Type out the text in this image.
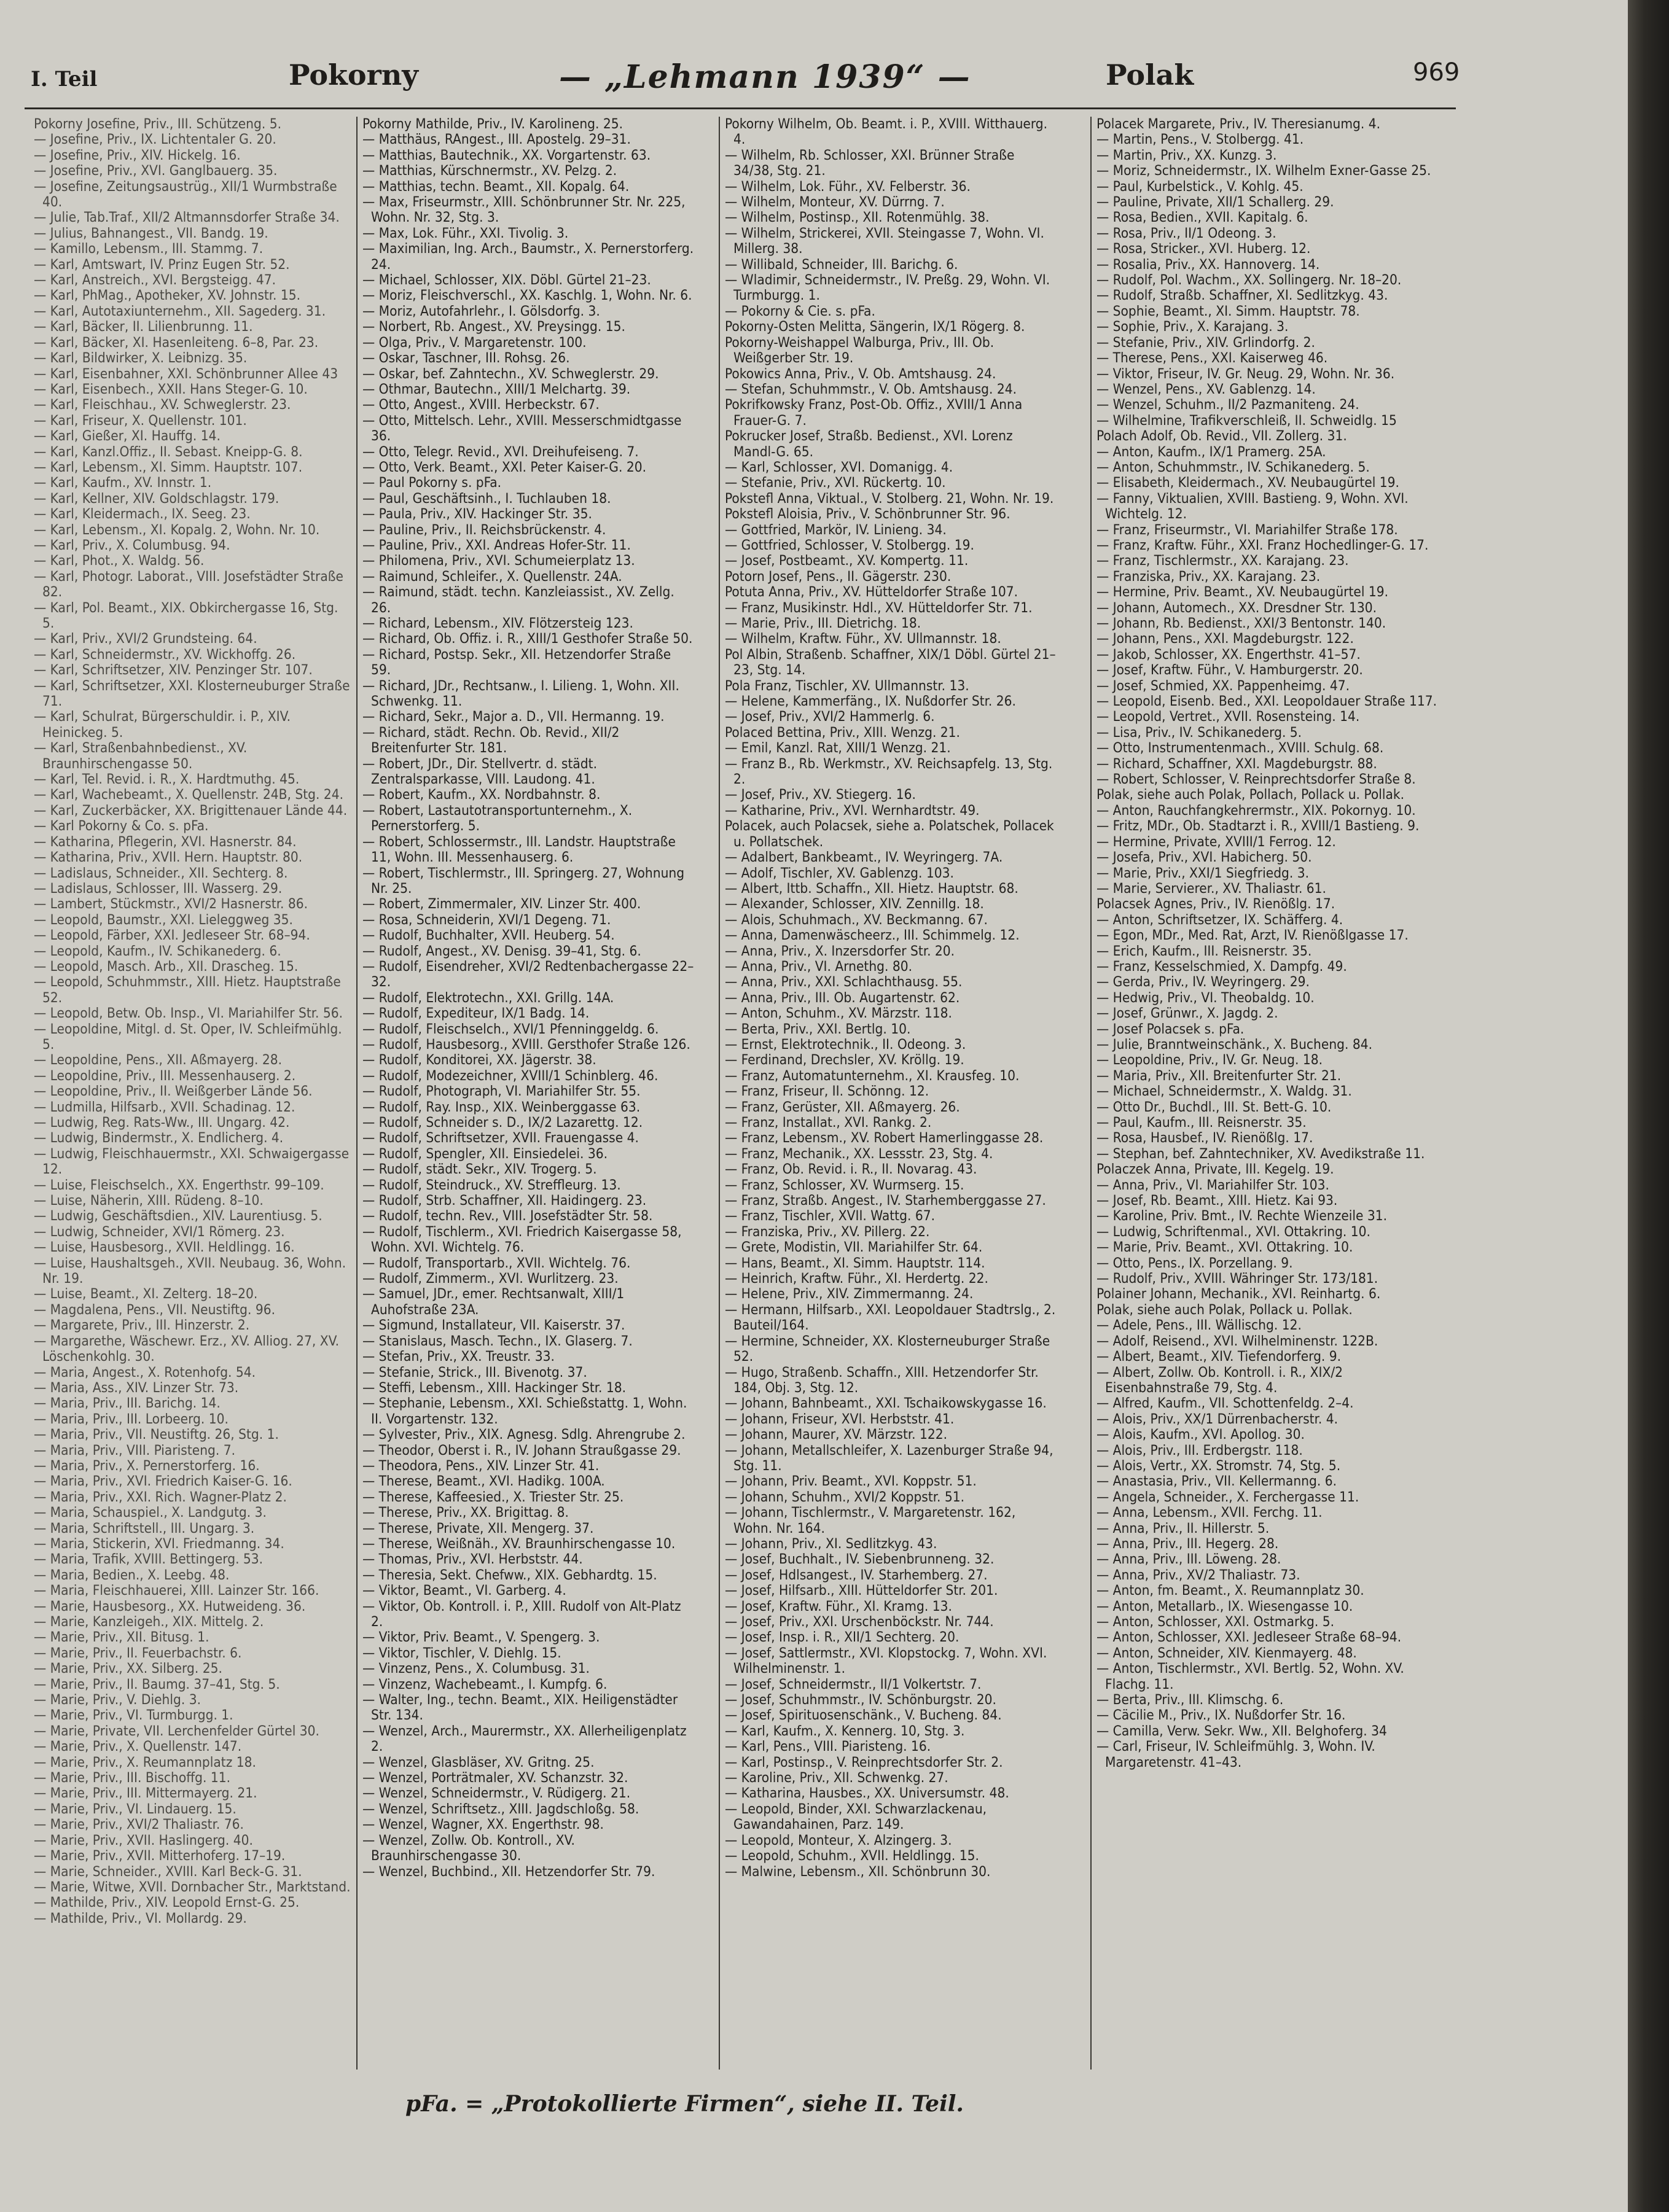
I. Teil	Pokorny	— „Lehmann 1939“ —	Polak	969

Pokorny Josefine, Priv., III. Schützeng. 5.

— Josefine, Priv., IX. Lichtentaler G. 20.

— Josefine, Priv., XIV. Hickelg. 16.

— Josefine, Priv., XVI. Ganglbauerg. 35.

— Josefine, Zeitungsaustrüg., XII/1 Wurmbstraße 40.

— Julie, Tab.Traf., XII/2 Altmannsdorfer Straße 34.

— Julius, Bahnangest., VII. Bandg. 19.

— Kamillo, Lebensm., III. Stammg. 7.

— Karl, Amtswart, IV. Prinz Eugen Str. 52.

— Karl, Anstreich., XVI. Bergsteigg. 47.

— Karl, PhMag., Apotheker, XV. Johnstr. 15.

— Karl, Autotaxiunternehm., XII. Sagederg. 31.

— Karl, Bäcker, II. Lilienbrunng. 11.

— Karl, Bäcker, XI. Hasenleiteng. 6–8, Par. 23.

— Karl, Bildwirker, X. Leibnizg. 35.

— Karl, Eisenbahner, XXI. Schönbrunner Allee 43

— Karl, Eisenbech., XXII. Hans Steger-G. 10.

— Karl, Fleischhau., XV. Schweglerstr. 23.

— Karl, Friseur, X. Quellenstr. 101.

— Karl, Gießer, XI. Hauffg. 14.

— Karl, Kanzl.Offiz., II. Sebast. Kneipp-G. 8.

— Karl, Lebensm., XI. Simm. Hauptstr. 107.

— Karl, Kaufm., XV. Innstr. 1.

— Karl, Kellner, XIV. Goldschlagstr. 179.

— Karl, Kleidermach., IX. Seeg. 23.

— Karl, Lebensm., XI. Kopalg. 2, Wohn. Nr. 10.

— Karl, Priv., X. Columbusg. 94.

— Karl, Phot., X. Waldg. 56.

— Karl, Photogr. Laborat., VIII. Josefstädter Straße 82.

— Karl, Pol. Beamt., XIX. Obkirchergasse 16, Stg. 5.

— Karl, Priv., XVI/2 Grundsteing. 64.

— Karl, Schneidermstr., XV. Wickhoffg. 26.

— Karl, Schriftsetzer, XIV. Penzinger Str. 107.

— Karl, Schriftsetzer, XXI. Klosterneuburger Straße 71.

— Karl, Schulrat, Bürgerschuldir. i. P., XIV. Heinickeg. 5.

— Karl, Straßenbahnbedienst., XV. Braunhirschengasse 50.

— Karl, Tel. Revid. i. R., X. Hardtmuthg. 45.

— Karl, Wachebeamt., X. Quellenstr. 24B, Stg. 24.

— Karl, Zuckerbäcker, XX. Brigittenauer Lände 44.

— Karl Pokorny & Co. s. pFa.

— Katharina, Pflegerin, XVI. Hasnerstr. 84.

— Katharina, Priv., XVII. Hern. Hauptstr. 80.

— Ladislaus, Schneider., XII. Sechterg. 8.

— Ladislaus, Schlosser, III. Wasserg. 29.

— Lambert, Stückmstr., XVI/2 Hasnerstr. 86.

— Leopold, Baumstr., XXI. Lieleggweg 35.

— Leopold, Färber, XXI. Jedleseer Str. 68–94.

— Leopold, Kaufm., IV. Schikanederg. 6.

— Leopold, Masch. Arb., XII. Drascheg. 15.

— Leopold, Schuhmmstr., XIII. Hietz. Hauptstraße 52.

— Leopold, Betw. Ob. Insp., VI. Mariahilfer Str. 56.

— Leopoldine, Mitgl. d. St. Oper, IV. Schleifmühlg. 5.

— Leopoldine, Pens., XII. Aßmayerg. 28.

— Leopoldine, Priv., III. Messenhauserg. 2.

— Leopoldine, Priv., II. Weißgerber Lände 56.

— Ludmilla, Hilfsarb., XVII. Schadinag. 12.

— Ludwig, Reg. Rats-Ww., III. Ungarg. 42.

— Ludwig, Bindermstr., X. Endlicherg. 4.

— Ludwig, Fleischhauermstr., XXI. Schwaigergasse 12.

— Luise, Fleischselch., XX. Engerthstr. 99–109.

— Luise, Näherin, XIII. Rüdeng. 8–10.

— Ludwig, Geschäftsdien., XIV. Laurentiusg. 5.

— Ludwig, Schneider, XVI/1 Römerg. 23.

— Luise, Hausbesorg., XVII. Heldlingg. 16.

— Luise, Haushaltsgeh., XVII. Neubaug. 36, Wohn. Nr. 19.

— Luise, Beamt., XI. Zelterg. 18–20.

— Magdalena, Pens., VII. Neustiftg. 96.

— Margarete, Priv., III. Hinzerstr. 2.

— Margarethe, Wäschewr. Erz., XV. Alliog. 27, XV. Löschenkohlg. 30.

— Maria, Angest., X. Rotenhofg. 54.

— Maria, Ass., XIV. Linzer Str. 73.

— Maria, Priv., III. Barichg. 14.

— Maria, Priv., III. Lorbeerg. 10.

— Maria, Priv., VII. Neustiftg. 26, Stg. 1.

— Maria, Priv., VIII. Piaristeng. 7.

— Maria, Priv., X. Pernerstorferg. 16.

— Maria, Priv., XVI. Friedrich Kaiser-G. 16.

— Maria, Priv., XXI. Rich. Wagner-Platz 2.

— Maria, Schauspiel., X. Landgutg. 3.

— Maria, Schriftstell., III. Ungarg. 3.

— Maria, Stickerin, XVI. Friedmanng. 34.

— Maria, Trafik, XVIII. Bettingerg. 53.

— Maria, Bedien., X. Leebg. 48.

— Maria, Fleischhauerei, XIII. Lainzer Str. 166.

— Marie, Hausbesorg., XX. Hutweideng. 36.

— Marie, Kanzleigeh., XIX. Mittelg. 2.

— Marie, Priv., XII. Bitusg. 1.

— Marie, Priv., II. Feuerbachstr. 6.

— Marie, Priv., XX. Silberg. 25.

— Marie, Priv., II. Baumg. 37–41, Stg. 5.

— Marie, Priv., V. Diehlg. 3.

— Marie, Priv., VI. Turmburgg. 1.

— Marie, Private, VII. Lerchenfelder Gürtel 30.

— Marie, Priv., X. Quellenstr. 147.

— Marie, Priv., X. Reumannplatz 18.

— Marie, Priv., III. Bischoffg. 11.

— Marie, Priv., III. Mittermayerg. 21.

— Marie, Priv., VI. Lindauerg. 15.

— Marie, Priv., XVI/2 Thaliastr. 76.

— Marie, Priv., XVII. Haslingerg. 40.

— Marie, Priv., XVII. Mitterhoferg. 17–19.

— Marie, Schneider., XVIII. Karl Beck-G. 31.

— Marie, Witwe, XVII. Dornbacher Str., Marktstand.

— Mathilde, Priv., XIV. Leopold Ernst-G. 25.

— Mathilde, Priv., VI. Mollardg. 29.

Pokorny Mathilde, Priv., IV. Karolineng. 25.

— Matthäus, RAngest., III. Apostelg. 29–31.

— Matthias, Bautechnik., XX. Vorgartenstr. 63.

— Matthias, Kürschnermstr., XV. Pelzg. 2.

— Matthias, techn. Beamt., XII. Kopalg. 64.

— Max, Friseurmstr., XIII. Schönbrunner Str. Nr. 225, Wohn. Nr. 32, Stg. 3.

— Max, Lok. Führ., XXI. Tivolig. 3.

— Maximilian, Ing. Arch., Baumstr., X. Pernerstorferg. 24.

— Michael, Schlosser, XIX. Döbl. Gürtel 21–23.

— Moriz, Fleischverschl., XX. Kaschlg. 1, Wohn. Nr. 6.

— Moriz, Autofahrlehr., I. Gölsdorfg. 3.

— Norbert, Rb. Angest., XV. Preysingg. 15.

— Olga, Priv., V. Margaretenstr. 100.

— Oskar, Taschner, III. Rohsg. 26.

— Oskar, bef. Zahntechn., XV. Schweglerstr. 29.

— Othmar, Bautechn., XIII/1 Melchartg. 39.

— Otto, Angest., XVIII. Herbeckstr. 67.

— Otto, Mittelsch. Lehr., XVIII. Messerschmidtgasse 36.

— Otto, Telegr. Revid., XVI. Dreihufeiseng. 7.

— Otto, Verk. Beamt., XXI. Peter Kaiser-G. 20.

— Paul Pokorny s. pFa.

— Paul, Geschäftsinh., I. Tuchlauben 18.

— Paula, Priv., XIV. Hackinger Str. 35.

— Pauline, Priv., II. Reichsbrückenstr. 4.

— Pauline, Priv., XXI. Andreas Hofer-Str. 11.

— Philomena, Priv., XVI. Schumeierplatz 13.

— Raimund, Schleifer., X. Quellenstr. 24A.

— Raimund, städt. techn. Kanzleiassist., XV. Zellg. 26.

— Richard, Lebensm., XIV. Flötzersteig 123.

— Richard, Ob. Offiz. i. R., XIII/1 Gesthofer Straße 50.

— Richard, Postsp. Sekr., XII. Hetzendorfer Straße 59.

— Richard, JDr., Rechtsanw., I. Lilieng. 1, Wohn. XII. Schwenkg. 11.

— Richard, Sekr., Major a. D., VII. Hermanng. 19.

— Richard, städt. Rechn. Ob. Revid., XII/2 Breitenfurter Str. 181.

— Robert, JDr., Dir. Stellvertr. d. städt. Zentralsparkasse, VIII. Laudong. 41.

— Robert, Kaufm., XX. Nordbahnstr. 8.

— Robert, Lastautotransportunternehm., X. Pernerstorferg. 5.

— Robert, Schlossermstr., III. Landstr. Hauptstraße 11, Wohn. III. Messenhauserg. 6.

— Robert, Tischlermstr., III. Springerg. 27, Wohnung Nr. 25.

— Robert, Zimmermaler, XIV. Linzer Str. 400.

— Rosa, Schneiderin, XVI/1 Degeng. 71.

— Rudolf, Buchhalter, XVII. Heuberg. 54.

— Rudolf, Angest., XV. Denisg. 39–41, Stg. 6.

— Rudolf, Eisendreher, XVI/2 Redtenbachergasse 22–32.

— Rudolf, Elektrotechn., XXI. Grillg. 14A.

— Rudolf, Expediteur, IX/1 Badg. 14.

— Rudolf, Fleischselch., XVI/1 Pfenninggeldg. 6.

— Rudolf, Hausbesorg., XVIII. Gersthofer Straße 126.

— Rudolf, Konditorei, XX. Jägerstr. 38.

— Rudolf, Modezeichner, XVIII/1 Schinblerg. 46.

— Rudolf, Photograph, VI. Mariahilfer Str. 55.

— Rudolf, Ray. Insp., XIX. Weinberggasse 63.

— Rudolf, Schneider s. D., IX/2 Lazarettg. 12.

— Rudolf, Schriftsetzer, XVII. Frauengasse 4.

— Rudolf, Spengler, XII. Einsiedelei. 36.

— Rudolf, städt. Sekr., XIV. Trogerg. 5.

— Rudolf, Steindruck., XV. Streffleurg. 13.

— Rudolf, Strb. Schaffner, XII. Haidingerg. 23.

— Rudolf, techn. Rev., VIII. Josefstädter Str. 58.

— Rudolf, Tischlerm., XVI. Friedrich Kaisergasse 58, Wohn. XVI. Wichtelg. 76.

— Rudolf, Transportarb., XVII. Wichtelg. 76.

— Rudolf, Zimmerm., XVI. Wurlitzerg. 23.

— Samuel, JDr., emer. Rechtsanwalt, XIII/1 Auhofstraße 23A.

— Sigmund, Installateur, VII. Kaiserstr. 37.

— Stanislaus, Masch. Techn., IX. Glaserg. 7.

— Stefan, Priv., XX. Treustr. 33.

— Stefanie, Strick., III. Bivenotg. 37.

— Steffi, Lebensm., XIII. Hackinger Str. 18.

— Stephanie, Lebensm., XXI. Schießstattg. 1, Wohn. II. Vorgartenstr. 132.

— Sylvester, Priv., XIX. Agnesg. Sdlg. Ahrengrube 2.

— Theodor, Oberst i. R., IV. Johann Straußgasse 29.

— Theodora, Pens., XIV. Linzer Str. 41.

— Therese, Beamt., XVI. Hadikg. 100A.

— Therese, Kaffeesied., X. Triester Str. 25.

— Therese, Priv., XX. Brigittag. 8.

— Therese, Private, XII. Mengerg. 37.

— Therese, Weißnäh., XV. Braunhirschengasse 10.

— Thomas, Priv., XVI. Herbststr. 44.

— Theresia, Sekt. Chefww., XIX. Gebhardtg. 15.

— Viktor, Beamt., VI. Garberg. 4.

— Viktor, Ob. Kontroll. i. P., XIII. Rudolf von Alt-Platz 2.

— Viktor, Priv. Beamt., V. Spengerg. 3.

— Viktor, Tischler, V. Diehlg. 15.

— Vinzenz, Pens., X. Columbusg. 31.

— Vinzenz, Wachebeamt., I. Kumpfg. 6.

— Walter, Ing., techn. Beamt., XIX. Heiligenstädter Str. 134.

— Wenzel, Arch., Maurermstr., XX. Allerheiligenplatz 2.

— Wenzel, Glasbläser, XV. Gritng. 25.

— Wenzel, Porträtmaler, XV. Schanzstr. 32.

— Wenzel, Schneidermstr., V. Rüdigerg. 21.

— Wenzel, Schriftsetz., XIII. Jagdschloßg. 58.

— Wenzel, Wagner, XX. Engerthstr. 98.

— Wenzel, Zollw. Ob. Kontroll., XV. Braunhirschengasse 30.

— Wenzel, Buchbind., XII. Hetzendorfer Str. 79.

Pokorny Wilhelm, Ob. Beamt. i. P., XVIII. Witthauerg. 4.

— Wilhelm, Rb. Schlosser, XXI. Brünner Straße 34/38, Stg. 21.

— Wilhelm, Lok. Führ., XV. Felberstr. 36.

— Wilhelm, Monteur, XV. Dürrng. 7.

— Wilhelm, Postinsp., XII. Rotenmühlg. 38.

— Wilhelm, Strickerei, XVII. Steingasse 7, Wohn. VI. Millerg. 38.

— Willibald, Schneider, III. Barichg. 6.

— Wladimir, Schneidermstr., IV. Preßg. 29, Wohn. VI. Turmburgg. 1.

— Pokorny & Cie. s. pFa.

Pokorny-Osten Melitta, Sängerin, IX/1 Rögerg. 8.

Pokorny-Weishappel Walburga, Priv., III. Ob. Weißgerber Str. 19.

Pokowics Anna, Priv., V. Ob. Amtshausg. 24.

— Stefan, Schuhmmstr., V. Ob. Amtshausg. 24.

Pokrifkowsky Franz, Post-Ob. Offiz., XVIII/1 Anna Frauer-G. 7.

Pokrucker Josef, Straßb. Bedienst., XVI. Lorenz Mandl-G. 65.

— Karl, Schlosser, XVI. Domanigg. 4.

— Stefanie, Priv., XVI. Rückertg. 10.

Pokstefl Anna, Viktual., V. Stolberg. 21, Wohn. Nr. 19.

Pokstefl Aloisia, Priv., V. Schönbrunner Str. 96.

— Gottfried, Markör, IV. Linieng. 34.

— Gottfried, Schlosser, V. Stolbergg. 19.

— Josef, Postbeamt., XV. Kompertg. 11.

Potorn Josef, Pens., II. Gägerstr. 230.

Potuta Anna, Priv., XV. Hütteldorfer Straße 107.

— Franz, Musikinstr. Hdl., XV. Hütteldorfer Str. 71.

— Marie, Priv., III. Dietrichg. 18.

— Wilhelm, Kraftw. Führ., XV. Ullmannstr. 18.

Pol Albin, Straßenb. Schaffner, XIX/1 Döbl. Gürtel 21–23, Stg. 14.

Pola Franz, Tischler, XV. Ullmannstr. 13.

— Helene, Kammerfäng., IX. Nußdorfer Str. 26.

— Josef, Priv., XVI/2 Hammerlg. 6.

Polaced Bettina, Priv., XIII. Wenzg. 21.

— Emil, Kanzl. Rat, XIII/1 Wenzg. 21.

— Franz B., Rb. Werkmstr., XV. Reichsapfelg. 13, Stg. 2.

— Josef, Priv., XV. Stiegerg. 16.

— Katharine, Priv., XVI. Wernhardtstr. 49.

Polacek, auch Polacsek, siehe a. Polatschek, Pollacek u. Pollatschek.

— Adalbert, Bankbeamt., IV. Weyringerg. 7A.

— Adolf, Tischler, XV. Gablenzg. 103.

— Albert, Ittb. Schaffn., XII. Hietz. Hauptstr. 68.

— Alexander, Schlosser, XIV. Zennillg. 18.

— Alois, Schuhmach., XV. Beckmanng. 67.

— Anna, Damenwäscheerz., III. Schimmelg. 12.

— Anna, Priv., X. Inzersdorfer Str. 20.

— Anna, Priv., VI. Arnethg. 80.

— Anna, Priv., XXI. Schlachthausg. 55.

— Anna, Priv., III. Ob. Augartenstr. 62.

— Anton, Schuhm., XV. Märzstr. 118.

— Berta, Priv., XXI. Bertlg. 10.

— Ernst, Elektrotechnik., II. Odeong. 3.

— Ferdinand, Drechsler, XV. Kröllg. 19.

— Franz, Automatunternehm., XI. Krausfeg. 10.

— Franz, Friseur, II. Schönng. 12.

— Franz, Gerüster, XII. Aßmayerg. 26.

— Franz, Installat., XVI. Rankg. 2.

— Franz, Lebensm., XV. Robert Hamerlinggasse 28.

— Franz, Mechanik., XX. Lessstr. 23, Stg. 4.

— Franz, Ob. Revid. i. R., II. Novarag. 43.

— Franz, Schlosser, XV. Wurmserg. 15.

— Franz, Straßb. Angest., IV. Starhemberggasse 27.

— Franz, Tischler, XVII. Wattg. 67.

— Franziska, Priv., XV. Pillerg. 22.

— Grete, Modistin, VII. Mariahilfer Str. 64.

— Hans, Beamt., XI. Simm. Hauptstr. 114.

— Heinrich, Kraftw. Führ., XI. Herdertg. 22.

— Helene, Priv., XIV. Zimmermanng. 24.

— Hermann, Hilfsarb., XXI. Leopoldauer Stadtrslg., 2. Bauteil/164.

— Hermine, Schneider, XX. Klosterneuburger Straße 52.

— Hugo, Straßenb. Schaffn., XIII. Hetzendorfer Str. 184, Obj. 3, Stg. 12.

— Johann, Bahnbeamt., XXI. Tschaikowskygasse 16.

— Johann, Friseur, XVI. Herbststr. 41.

— Johann, Maurer, XV. Märzstr. 122.

— Johann, Metallschleifer, X. Lazenburger Straße 94, Stg. 11.

— Johann, Priv. Beamt., XVI. Koppstr. 51.

— Johann, Schuhm., XVI/2 Koppstr. 51.

— Johann, Tischlermstr., V. Margaretenstr. 162, Wohn. Nr. 164.

— Johann, Priv., XI. Sedlitzkyg. 43.

— Josef, Buchhalt., IV. Siebenbrunneng. 32.

— Josef, Hdlsangest., IV. Starhemberg. 27.

— Josef, Hilfsarb., XIII. Hütteldorfer Str. 201.

— Josef, Kraftw. Führ., XI. Kramg. 13.

— Josef, Priv., XXI. Urschenböckstr. Nr. 744.

— Josef, Insp. i. R., XII/1 Sechterg. 20.

— Josef, Sattlermstr., XVI. Klopstockg. 7, Wohn. XVI. Wilhelminenstr. 1.

— Josef, Schneidermstr., II/1 Volkertstr. 7.

— Josef, Schuhmmstr., IV. Schönburgstr. 20.

— Josef, Spirituosenschänk., V. Bucheng. 84.

— Karl, Kaufm., X. Kennerg. 10, Stg. 3.

— Karl, Pens., VIII. Piaristeng. 16.

— Karl, Postinsp., V. Reinprechtsdorfer Str. 2.

— Karoline, Priv., XII. Schwenkg. 27.

— Katharina, Hausbes., XX. Universumstr. 48.

— Leopold, Binder, XXI. Schwarzlackenau, Gawandahainen, Parz. 149.

— Leopold, Monteur, X. Alzingerg. 3.

— Leopold, Schuhm., XVII. Heldlingg. 15.

— Malwine, Lebensm., XII. Schönbrunn 30.

Polacek Margarete, Priv., IV. Theresianumg. 4.

— Martin, Pens., V. Stolbergg. 41.

— Martin, Priv., XX. Kunzg. 3.

— Moriz, Schneidermstr., IX. Wilhelm Exner-Gasse 25.

— Paul, Kurbelstick., V. Kohlg. 45.

— Pauline, Private, XII/1 Schallerg. 29.

— Rosa, Bedien., XVII. Kapitalg. 6.

— Rosa, Priv., II/1 Odeong. 3.

— Rosa, Stricker., XVI. Huberg. 12.

— Rosalia, Priv., XX. Hannoverg. 14.

— Rudolf, Pol. Wachm., XX. Sollingerg. Nr. 18–20.

— Rudolf, Straßb. Schaffner, XI. Sedlitzkyg. 43.

— Sophie, Beamt., XI. Simm. Hauptstr. 78.

— Sophie, Priv., X. Karajang. 3.

— Stefanie, Priv., XIV. Grlindorfg. 2.

— Therese, Pens., XXI. Kaiserweg 46.

— Viktor, Friseur, IV. Gr. Neug. 29, Wohn. Nr. 36.

— Wenzel, Pens., XV. Gablenzg. 14.

— Wenzel, Schuhm., II/2 Pazmaniteng. 24.

— Wilhelmine, Trafikverschleiß, II. Schweidlg. 15

Polach Adolf, Ob. Revid., VII. Zollerg. 31.

— Anton, Kaufm., IX/1 Pramerg. 25A.

— Anton, Schuhmmstr., IV. Schikanederg. 5.

— Elisabeth, Kleidermach., XV. Neubaugürtel 19.

— Fanny, Viktualien, XVIII. Bastieng. 9, Wohn. XVI. Wichtelg. 12.

— Franz, Friseurmstr., VI. Mariahilfer Straße 178.

— Franz, Kraftw. Führ., XXI. Franz Hochedlinger-G. 17.

— Franz, Tischlermstr., XX. Karajang. 23.

— Franziska, Priv., XX. Karajang. 23.

— Hermine, Priv. Beamt., XV. Neubaugürtel 19.

— Johann, Automech., XX. Dresdner Str. 130.

— Johann, Rb. Bedienst., XXI/3 Bentonstr. 140.

— Johann, Pens., XXI. Magdeburgstr. 122.

— Jakob, Schlosser, XX. Engerthstr. 41–57.

— Josef, Kraftw. Führ., V. Hamburgerstr. 20.

— Josef, Schmied, XX. Pappenheimg. 47.

— Leopold, Eisenb. Bed., XXI. Leopoldauer Straße 117.

— Leopold, Vertret., XVII. Rosensteing. 14.

— Lisa, Priv., IV. Schikanederg. 5.

— Otto, Instrumentenmach., XVIII. Schulg. 68.

— Richard, Schaffner, XXI. Magdeburgstr. 88.

— Robert, Schlosser, V. Reinprechtsdorfer Straße 8.

Polak, siehe auch Polak, Pollach, Pollack u. Pollak.

— Anton, Rauchfangkehrermstr., XIX. Pokornyg. 10.

— Fritz, MDr., Ob. Stadtarzt i. R., XVIII/1 Bastieng. 9.

— Hermine, Private, XVIII/1 Ferrog. 12.

— Josefa, Priv., XVI. Habicherg. 50.

— Marie, Priv., XXI/1 Siegfriedg. 3.

— Marie, Servierer., XV. Thaliastr. 61.

Polacsek Agnes, Priv., IV. Rienößlg. 17.

— Anton, Schriftsetzer, IX. Schäfferg. 4.

— Egon, MDr., Med. Rat, Arzt, IV. Rienößlgasse 17.

— Erich, Kaufm., III. Reisnerstr. 35.

— Franz, Kesselschmied, X. Dampfg. 49.

— Gerda, Priv., IV. Weyringerg. 29.

— Hedwig, Priv., VI. Theobaldg. 10.

— Josef, Grünwr., X. Jagdg. 2.

— Josef Polacsek s. pFa.

— Julie, Branntweinschänk., X. Bucheng. 84.

— Leopoldine, Priv., IV. Gr. Neug. 18.

— Maria, Priv., XII. Breitenfurter Str. 21.

— Michael, Schneidermstr., X. Waldg. 31.

— Otto Dr., Buchdl., III. St. Bett-G. 10.

— Paul, Kaufm., III. Reisnerstr. 35.

— Rosa, Hausbef., IV. Rienößlg. 17.

— Stephan, bef. Zahntechniker, XV. Avedikstraße 11.

Polaczek Anna, Private, III. Kegelg. 19.

— Anna, Priv., VI. Mariahilfer Str. 103.

— Josef, Rb. Beamt., XIII. Hietz. Kai 93.

— Karoline, Priv. Bmt., IV. Rechte Wienzeile 31.

— Ludwig, Schriftenmal., XVI. Ottakring. 10.

— Marie, Priv. Beamt., XVI. Ottakring. 10.

— Otto, Pens., IX. Porzellang. 9.

— Rudolf, Priv., XVIII. Währinger Str. 173/181.

Polainer Johann, Mechanik., XVI. Reinhartg. 6.

Polak, siehe auch Polak, Pollack u. Pollak.

— Adele, Pens., III. Wällischg. 12.

— Adolf, Reisend., XVI. Wilhelminenstr. 122B.

— Albert, Beamt., XIV. Tiefendorferg. 9.

— Albert, Zollw. Ob. Kontroll. i. R., XIX/2 Eisenbahnstraße 79, Stg. 4.

— Alfred, Kaufm., VII. Schottenfeldg. 2–4.

— Alois, Priv., XX/1 Dürrenbacherstr. 4.

— Alois, Kaufm., XVI. Apollog. 30.

— Alois, Priv., III. Erdbergstr. 118.

— Alois, Vertr., XX. Stromstr. 74, Stg. 5.

— Anastasia, Priv., VII. Kellermanng. 6.

— Angela, Schneider., X. Ferchergasse 11.

— Anna, Lebensm., XVII. Ferchg. 11.

— Anna, Priv., II. Hillerstr. 5.

— Anna, Priv., III. Hegerg. 28.

— Anna, Priv., III. Löweng. 28.

— Anna, Priv., XV/2 Thaliastr. 73.

— Anton, fm. Beamt., X. Reumannplatz 30.

— Anton, Metallarb., IX. Wiesengasse 10.

— Anton, Schlosser, XXI. Ostmarkg. 5.

— Anton, Schlosser, XXI. Jedleseer Straße 68–94.

— Anton, Schneider, XIV. Kienmayerg. 48.

— Anton, Tischlermstr., XVI. Bertlg. 52, Wohn. XV. Flachg. 11.

— Berta, Priv., III. Klimschg. 6.

— Cäcilie M., Priv., IX. Nußdorfer Str. 16.

— Camilla, Verw. Sekr. Ww., XII. Belghoferg. 34

— Carl, Friseur, IV. Schleifmühlg. 3, Wohn. IV. Margaretenstr. 41–43.

pFa. = „Protokollierte Firmen“, siehe II. Teil.
